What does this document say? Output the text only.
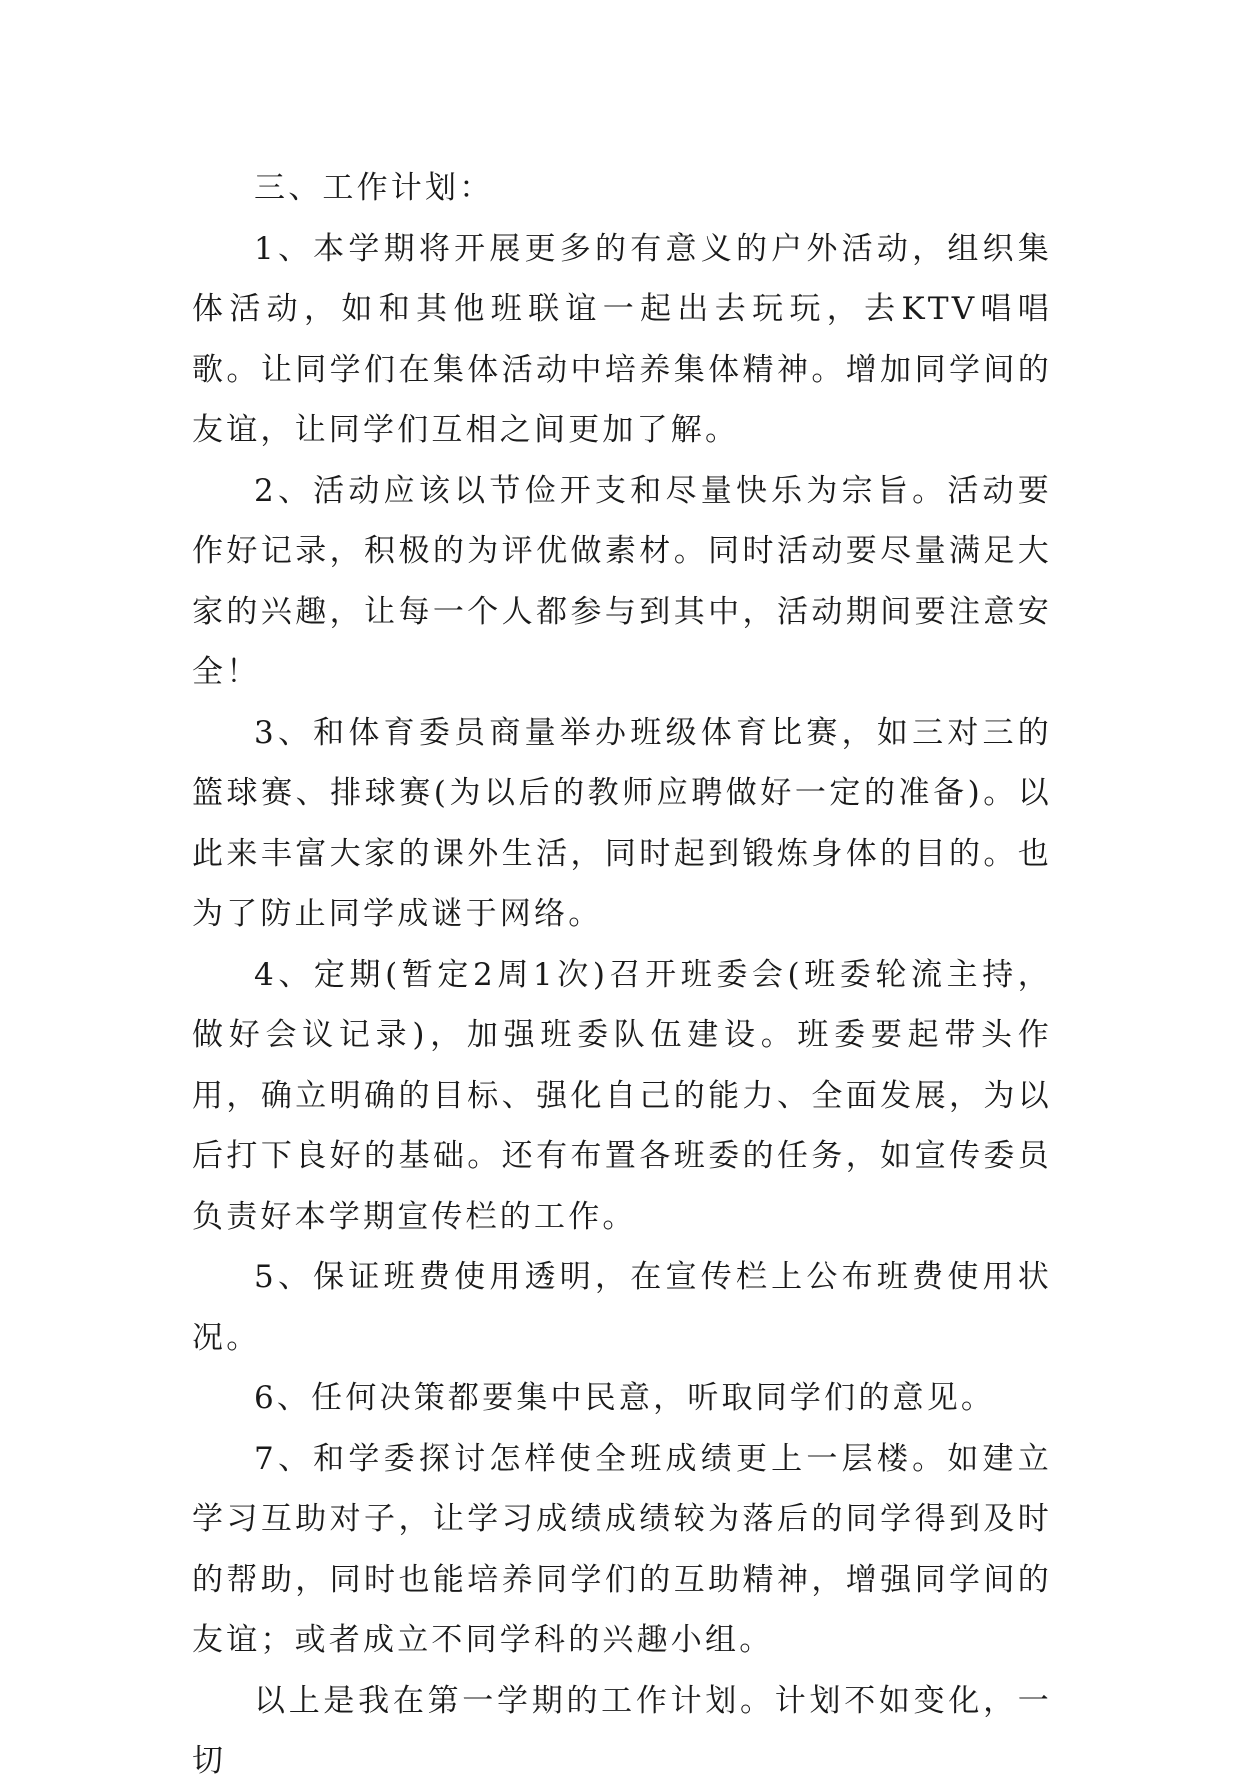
三、工作计划：

1、本学期将开展更多的有意义的户外活动，组织集体活动，如和其他班联谊一起出去玩玩，去KTV唱唱歌。让同学们在集体活动中培养集体精神。增加同学间的友谊，让同学们互相之间更加了解。

2、活动应该以节俭开支和尽量快乐为宗旨。活动要作好记录，积极的为评优做素材。同时活动要尽量满足大家的兴趣，让每一个人都参与到其中，活动期间要注意安全！

3、和体育委员商量举办班级体育比赛，如三对三的篮球赛、排球赛(为以后的教师应聘做好一定的准备)。以此来丰富大家的课外生活，同时起到锻炼身体的目的。也为了防止同学成谜于网络。

4、定期(暂定2周1次)召开班委会(班委轮流主持，做好会议记录)，加强班委队伍建设。班委要起带头作用，确立明确的目标、强化自己的能力、全面发展，为以后打下良好的基础。还有布置各班委的任务，如宣传委员负责好本学期宣传栏的工作。

5、保证班费使用透明，在宣传栏上公布班费使用状况。

6、任何决策都要集中民意，听取同学们的意见。

7、和学委探讨怎样使全班成绩更上一层楼。如建立学习互助对子，让学习成绩成绩较为落后的同学得到及时的帮助，同时也能培养同学们的互助精神，增强同学间的友谊；或者成立不同学科的兴趣小组。

以上是我在第一学期的工作计划。计划不如变化，一切
